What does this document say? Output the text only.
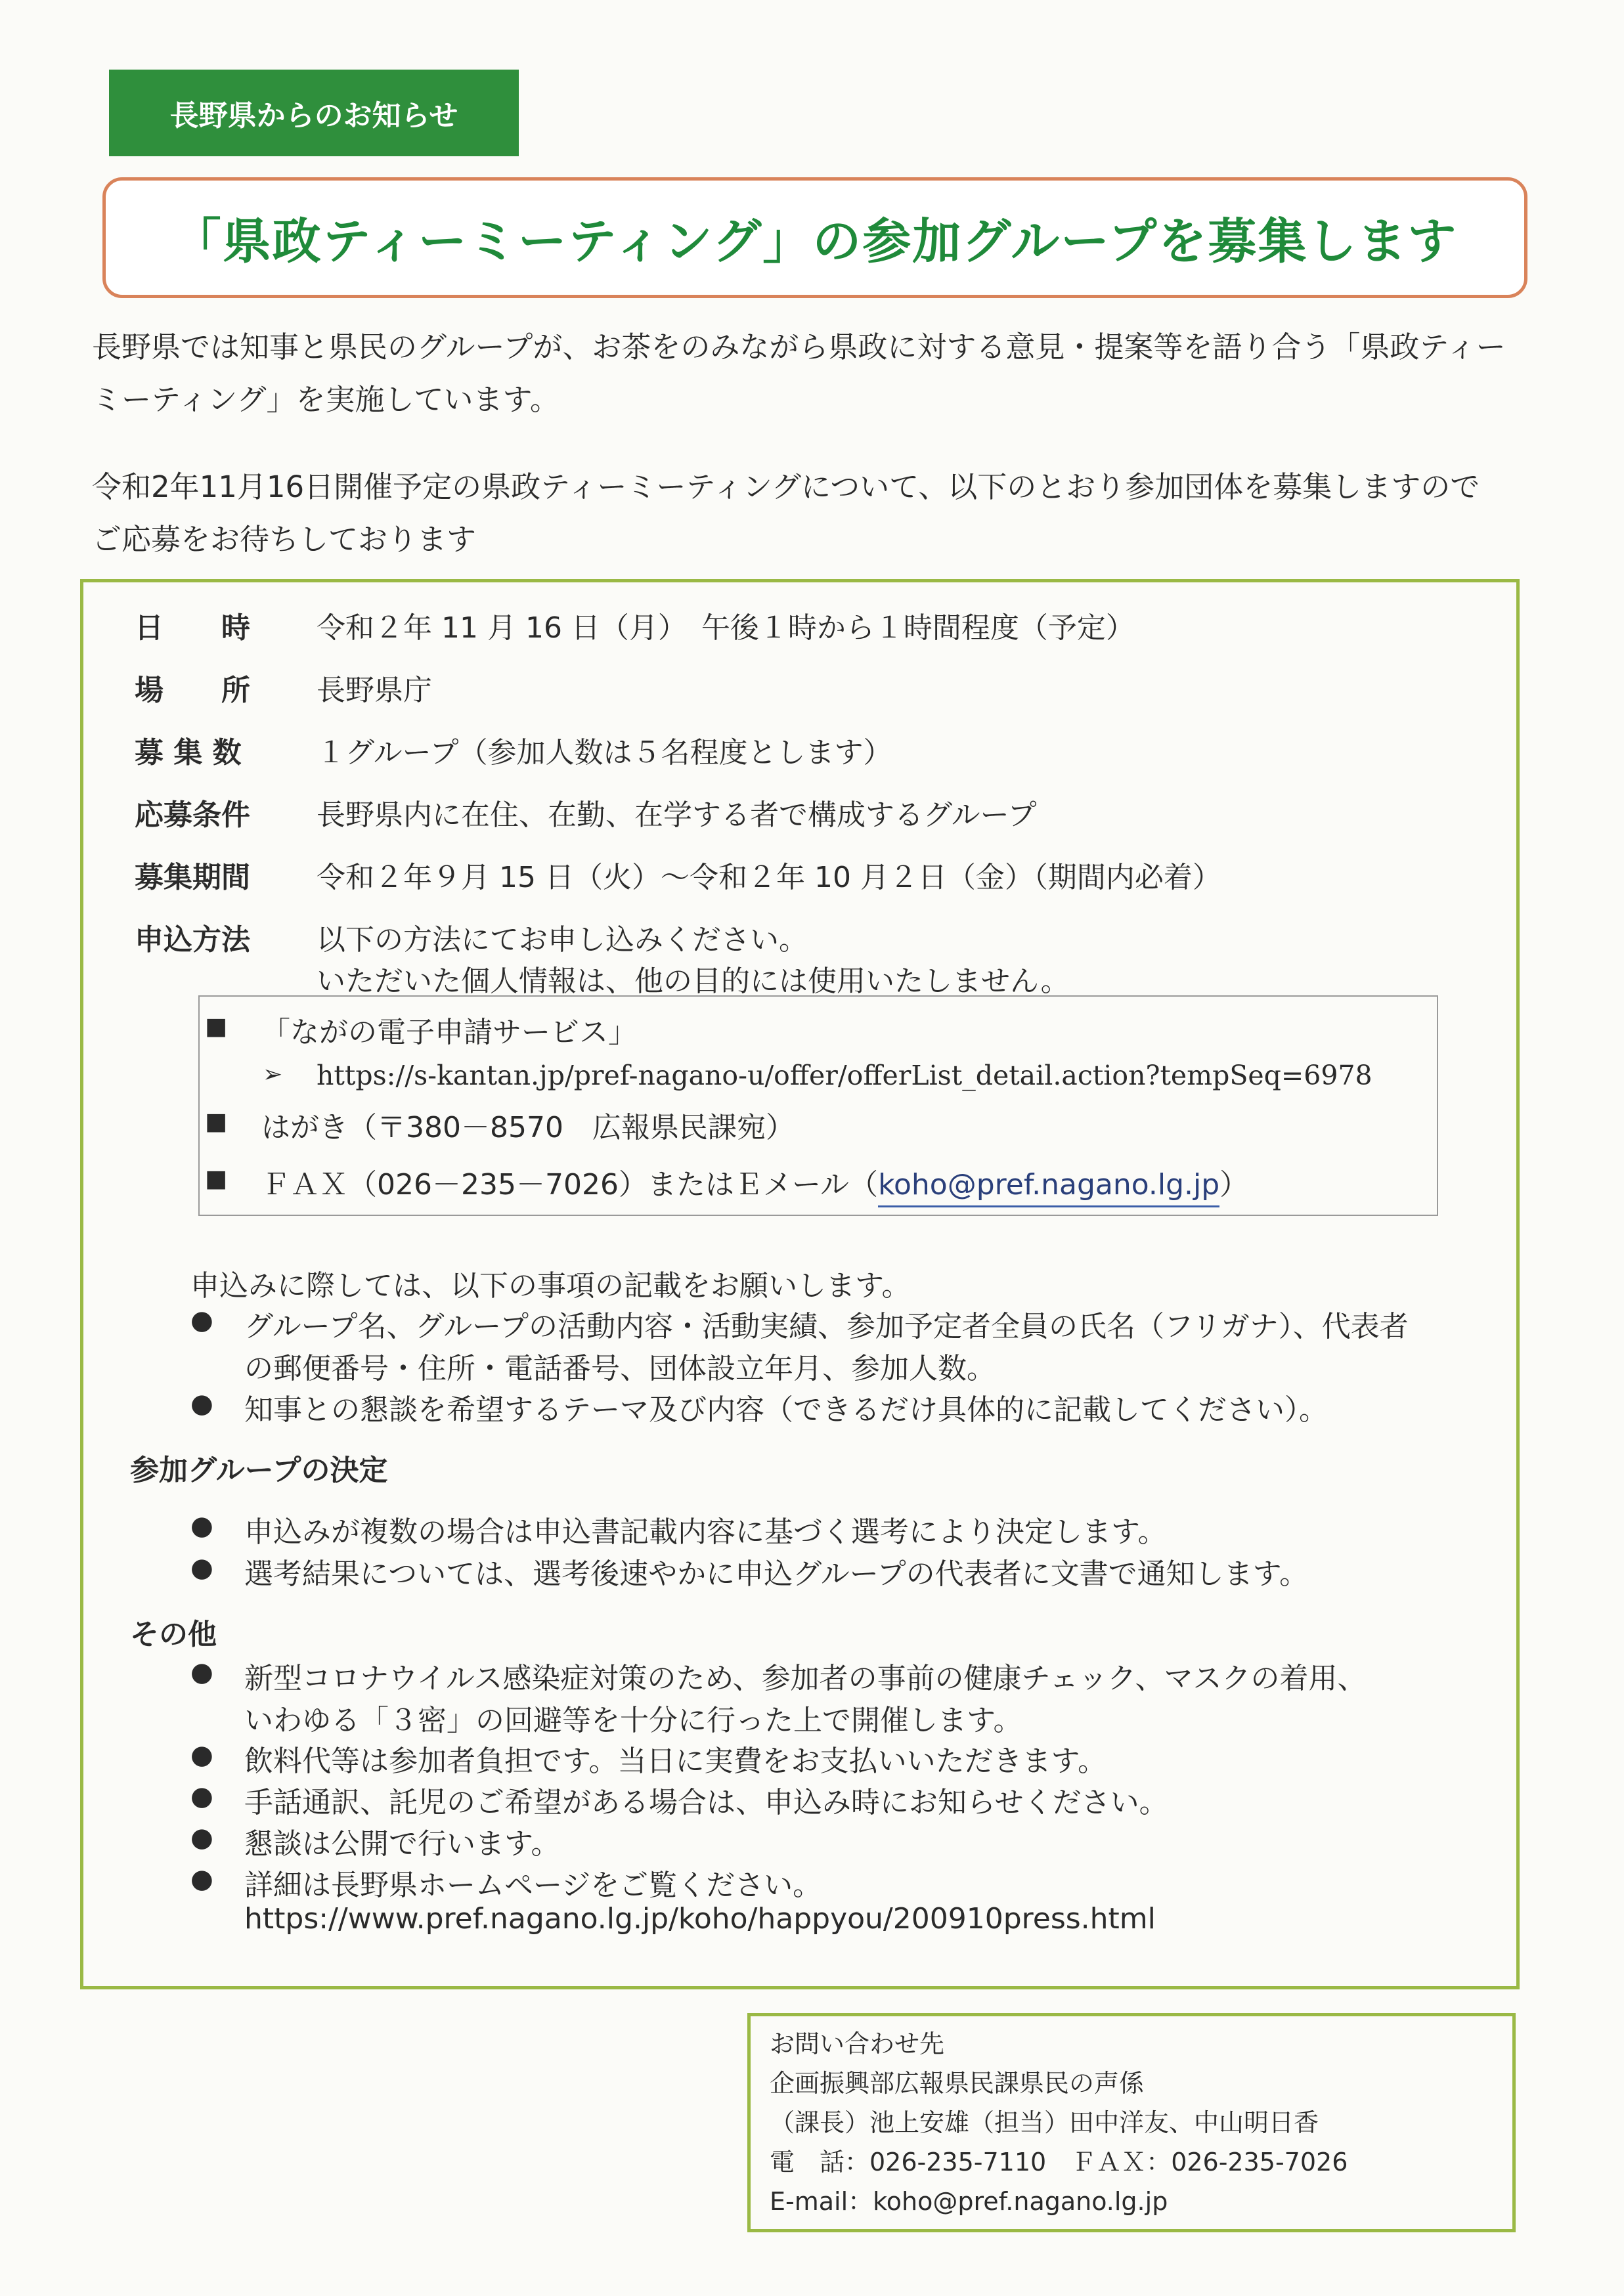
長野県からのお知らせ
「県政ティーミーティング」の参加グループを募集します
長野県では知事と県民のグループが、お茶をのみながら県政に対する意見・提案等を語り合う「県政ティー
ミーティング」を実施しています。
令和2年11月16日開催予定の県政ティーミーティングについて、以下のとおり参加団体を募集しますので
ご応募をお待ちしております
日　　時 令和２年 11 月 16 日（月）　午後１時から１時間程度（予定）
場　　所 長野県庁
募 集 数	１グループ（参加人数は５名程度とします）
応募条件 長野県内に在住、在勤、在学する者で構成するグループ
募集期間 令和２年９月 15 日（火）～令和２年 10 月２日（金）（期間内必着）
申込方法 以下の方法にてお申し込みください。
いただいた個人情報は、他の目的には使用いたしません。
■ 「ながの電子申請サービス」
➢ https://s-kantan.jp/pref-nagano-u/offer/offerList_detail.action?tempSeq=6978
■ はがき（〒380－8570　広報県民課宛）
■ ＦＡＸ（026－235－7026）またはＥメール（koho@pref.nagano.lg.jp）
申込みに際しては、以下の事項の記載をお願いします。
● グループ名、グループの活動内容・活動実績、参加予定者全員の氏名（フリガナ）、代表者
の郵便番号・住所・電話番号、団体設立年月、参加人数。
● 知事との懇談を希望するテーマ及び内容（できるだけ具体的に記載してください）。
参加グループの決定
● 申込みが複数の場合は申込書記載内容に基づく選考により決定します。
● 選考結果については、選考後速やかに申込グループの代表者に文書で通知します。
その他
● 新型コロナウイルス感染症対策のため、参加者の事前の健康チェック、マスクの着用、
いわゆる「３密」の回避等を十分に行った上で開催します。
● 飲料代等は参加者負担です。当日に実費をお支払いいただきます。
● 手話通訳、託児のご希望がある場合は、申込み時にお知らせください。
● 懇談は公開で行います。
● 詳細は長野県ホームページをご覧ください。
https://www.pref.nagano.lg.jp/koho/happyou/200910press.html
お問い合わせ先
企画振興部広報県民課県民の声係
（課長）池上安雄（担当）田中洋友、中山明日香
電　話：026-235-7110　ＦＡＸ：026-235-7026
E-mail：koho@pref.nagano.lg.jp
